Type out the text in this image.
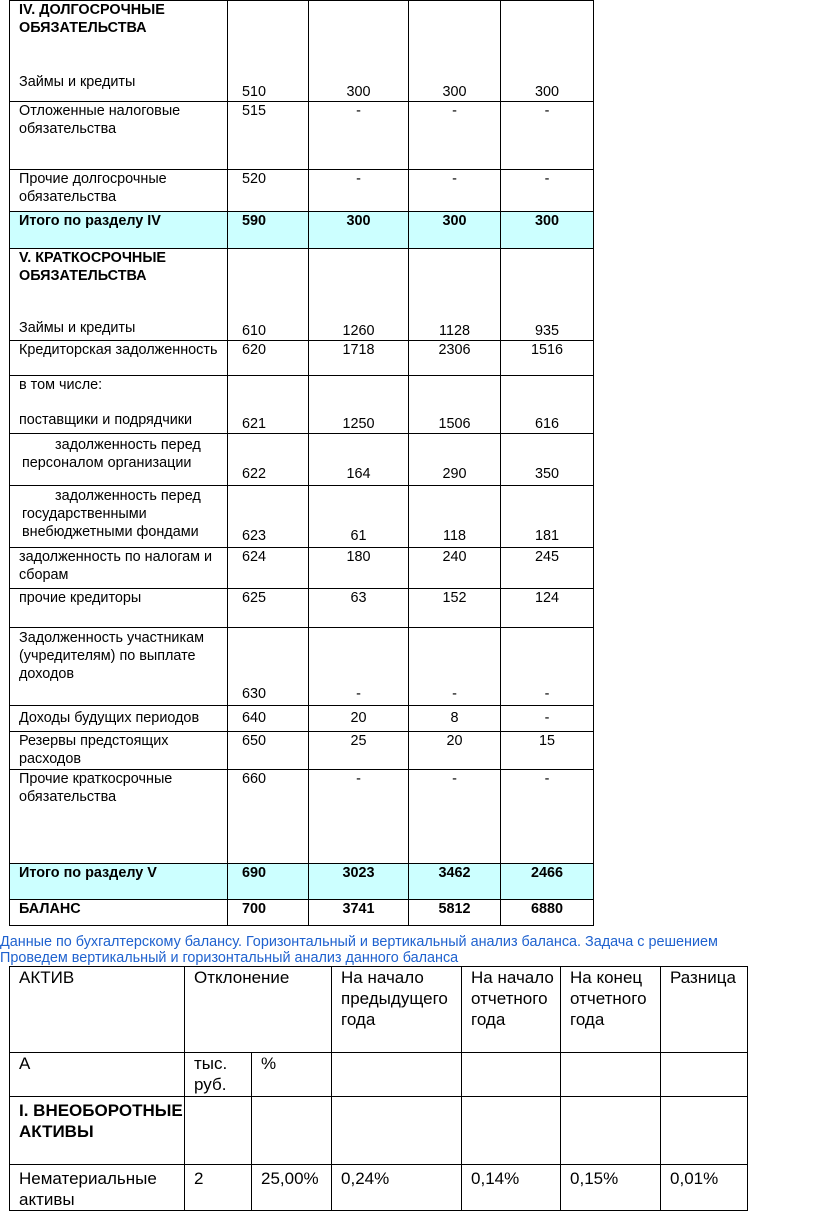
IV. ДОЛГОСРОЧНЫЕ ОБЯЗАТЕЛЬСТВА
Займы и кредиты	510	300	300	300
Отложенные налоговые обязательства	515	-	-	-
Прочие долгосрочные обязательства	520	-	-	-
Итого по разделу IV	590	300	300	300

V. КРАТКОСРОЧНЫЕ ОБЯЗАТЕЛЬСТВА
Займы и кредиты	610	1260	1128	935
Кредиторская задолженность	620	1718	2306	1516

в том числе:
поставщики и подрядчики	621	1250	1506	616

задолженность перед
персоналом организации	622	164	290	350

задолженность перед
государственными внебюджетными фондами	623	61	118	181
задолженность по налогам и сборам	624	180	240	245
прочие кредиторы	625	63	152	124
Задолженность участникам (учредителям) по выплате доходов	630	-	-	-
Доходы будущих периодов	640	20	8	-
Резервы предстоящих расходов	650	25	20	15
Прочие краткосрочные обязательства	660	-	-	-
Итого по разделу V	690	3023	3462	2466
БАЛАНС	700	3741	5812	6880
Данные по бухгалтерскому балансу. Горизонтальный и вертикальный анализ баланса. Задача с решением
Проведем вертикальный и горизонтальный анализ данного баланса
АКТИВ	Отклонение		На начало предыдущего года	На начало отчетного года	На конец отчетного года	Разница
А	тыс. руб.	%				
I. ВНЕОБОРОТНЫЕ АКТИВЫ						
Нематериальные активы	2	25,00%	0,24%	0,14%	0,15%	0,01%
